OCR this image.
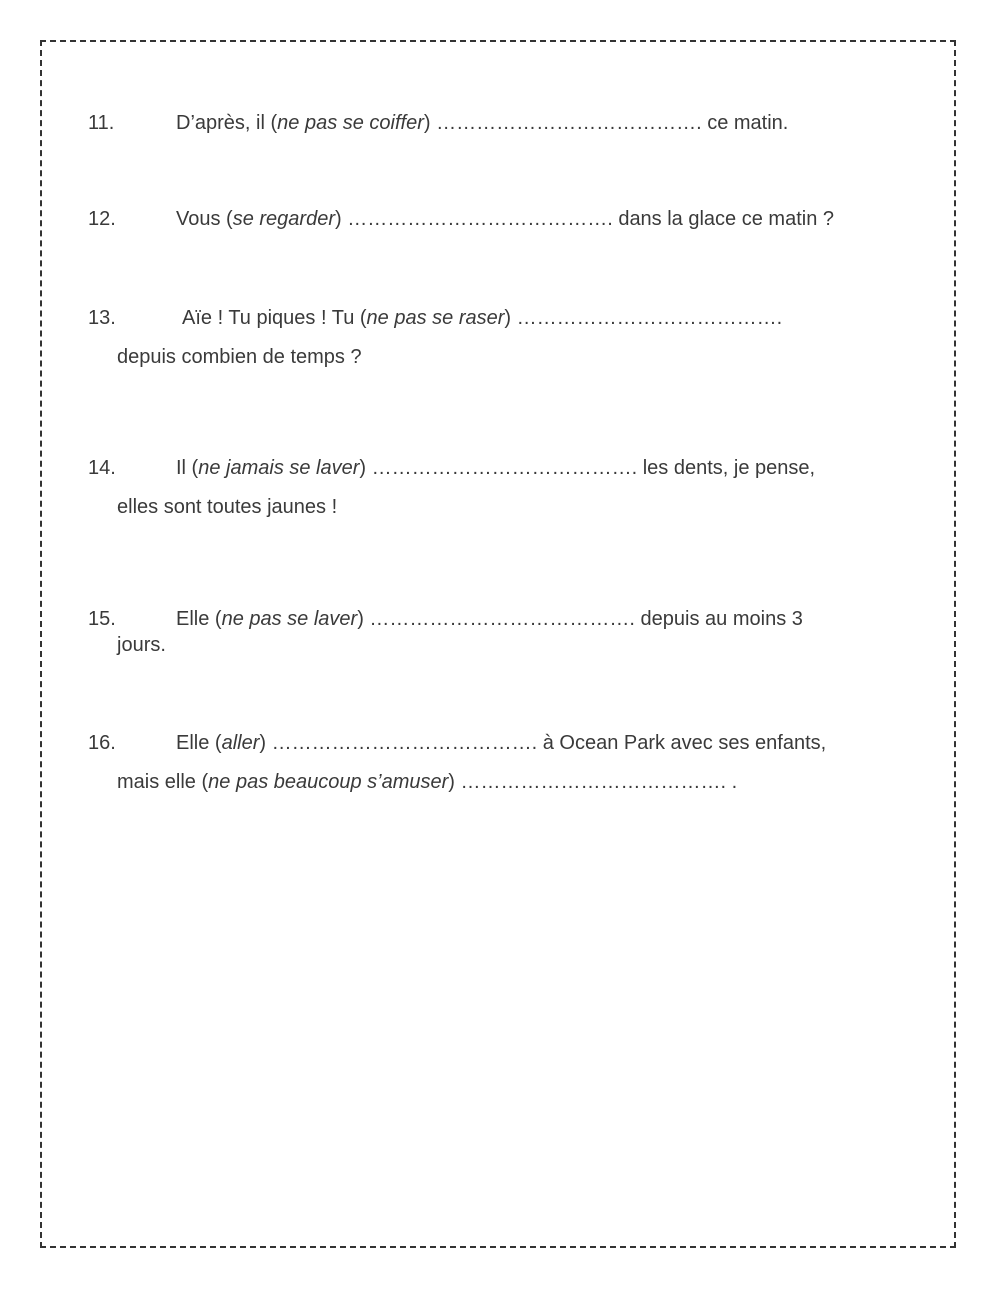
11.	D’après, il (ne pas se coiffer) …………………………………. ce matin.
12.	Vous (se regarder) …………………………………. dans la glace ce matin ?
13.	Aïe ! Tu piques ! Tu (ne pas se raser) ………………………………….
depuis combien de temps ?
14.	Il (ne jamais se laver) …………………………………. les dents, je pense,
elles sont toutes jaunes !
15.	Elle (ne pas se laver) …………………………………. depuis au moins 3
jours.
16.	Elle (aller) …………………………………. à Ocean Park avec ses enfants,
mais elle (ne pas beaucoup s’amuser) …………………………………. .
